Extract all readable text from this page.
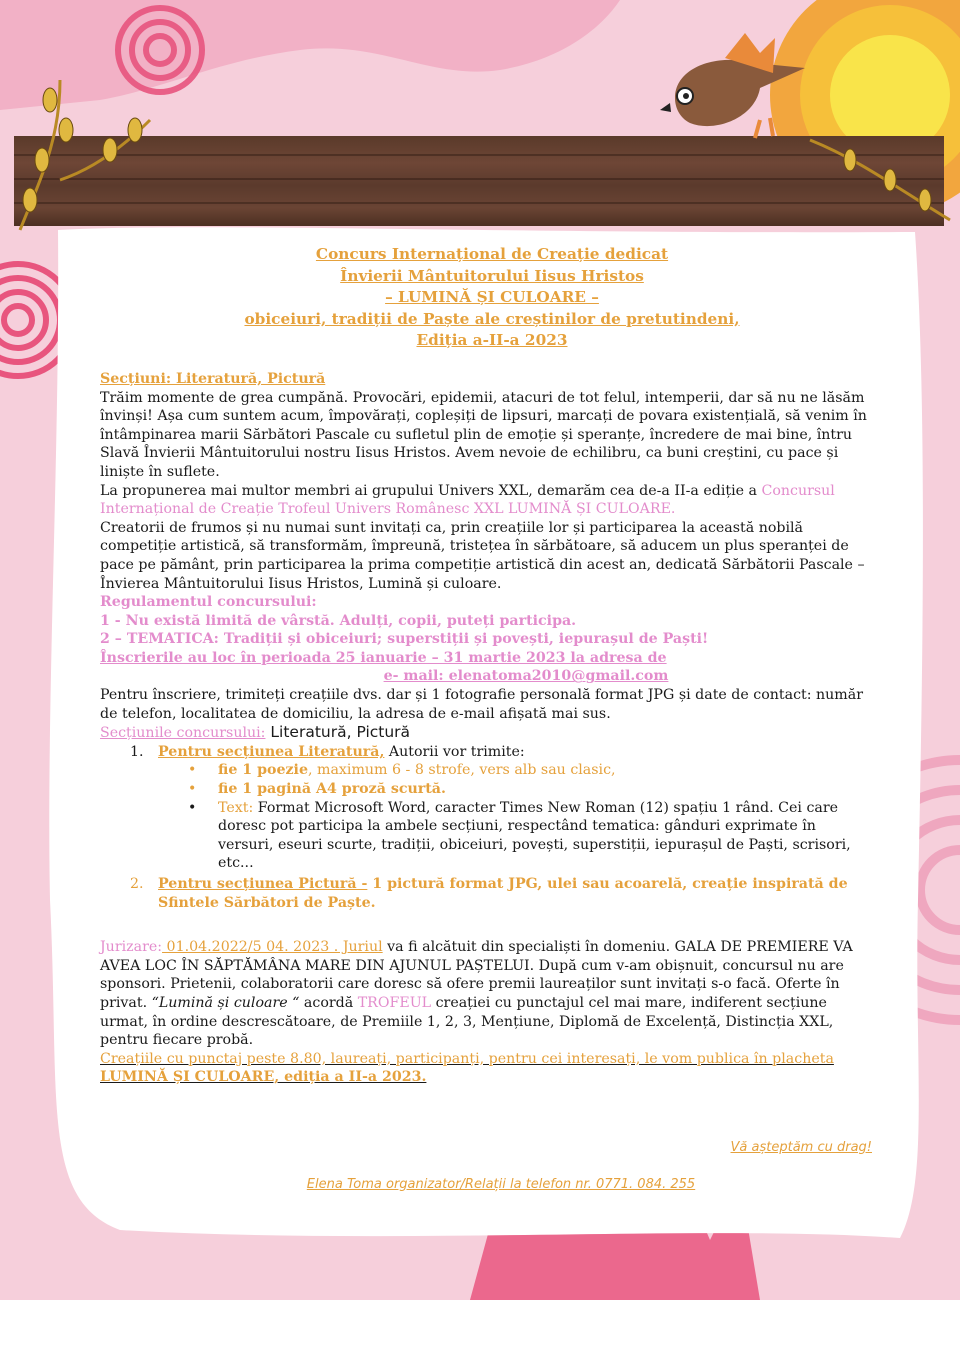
Concurs Internațional de Creație dedicat
Învierii Mântuitorului Iisus Hristos
– LUMINĂ ȘI CULOARE –
obiceiuri, tradiții de Paște ale creștinilor de pretutindeni,
Ediția a-II-a 2023
Secțiuni: Literatură, Pictură

Trăim momente de grea cumpănă. Provocări, epidemii, atacuri de tot felul, intemperii, dar să nu ne lăsăm învinși! Așa cum suntem acum, împovărați, copleșiți de lipsuri, marcați de povara existențială, să venim în întâmpinarea marii Sărbători Pascale cu sufletul plin de emoție și speranțe, încredere de mai bine, întru Slavă Învierii Mântuitorului nostru Iisus Hristos. Avem nevoie de echilibru, ca buni creștini, cu pace și liniște în suflete.

La propunerea mai multor membri ai grupului Univers XXL, demarăm cea de-a II-a ediție a Concursul Internațional de Creație Trofeul Univers Românesc XXL LUMINĂ ȘI CULOARE.

Creatorii de frumos și nu numai sunt invitați ca, prin creațiile lor și participarea la această nobilă competiție artistică, să transformăm, împreună, tristețea în sărbătoare, să aducem un plus speranței de pace pe pământ, prin participarea la prima competiție artistică din acest an, dedicată Sărbătorii Pascale – Învierea Mântuitorului Iisus Hristos, Lumină și culoare.

Regulamentul concursului:

1 - Nu există limită de vârstă. Adulți, copii, puteți participa.

2 – TEMATICA: Tradiții și obiceiuri; superstiții și povești, iepurașul de Paști!

Înscrierile au loc în perioada 25 ianuarie – 31 martie 2023 la adresa de

e- mail: elenatoma2010@gmail.com

Pentru înscriere, trimiteți creațiile dvs. dar și 1 fotografie personală format JPG și date de contact: număr de telefon, localitatea de domiciliu, la adresa de e-mail afișată mai sus.

Secțiunile concursului: Literatură, Pictură

1. Pentru secțiunea Literatură, Autorii vor trimite:
• fie 1 poezie, maximum 6 - 8 strofe, vers alb sau clasic,
• fie 1 pagină A4 proză scurtă.
• Text: Format Microsoft Word, caracter Times New Roman (12) spațiu 1 rând. Cei care doresc pot participa la ambele secțiuni, respectând tematica: gânduri exprimate în versuri, eseuri scurte, tradiții, obiceiuri, povești, superstiții, iepurașul de Paști, scrisori, etc...
2. Pentru secțiunea Pictură - 1 pictură format JPG, ulei sau acoarelă, creație inspirată de Sfintele Sărbători de Paște.

Jurizare: 01.04.2022/5 04. 2023 . Juriul va fi alcătuit din specialiști în domeniu. GALA DE PREMIERE VA AVEA LOC ÎN SĂPTĂMÂNA MARE DIN AJUNUL PAȘTELUI. După cum v-am obișnuit, concursul nu are sponsori. Prietenii, colaboratorii care doresc să ofere premii laureaților sunt invitați s-o facă. Oferte în privat. “Lumină și culoare “ acordă TROFEUL creației cu punctajul cel mai mare, indiferent secțiune urmat, în ordine descrescătoare, de Premiile 1, 2, 3, Mențiune, Diplomă de Excelență, Distincția XXL, pentru fiecare probă.

Creațiile cu punctaj peste 8.80, laureați, participanți, pentru cei interesați, le vom publica în placheta LUMINĂ ȘI CULOARE, ediția a II-a 2023.

Vă așteptăm cu drag!
Elena Toma organizator/Relații la telefon nr. 0771. 084. 255
